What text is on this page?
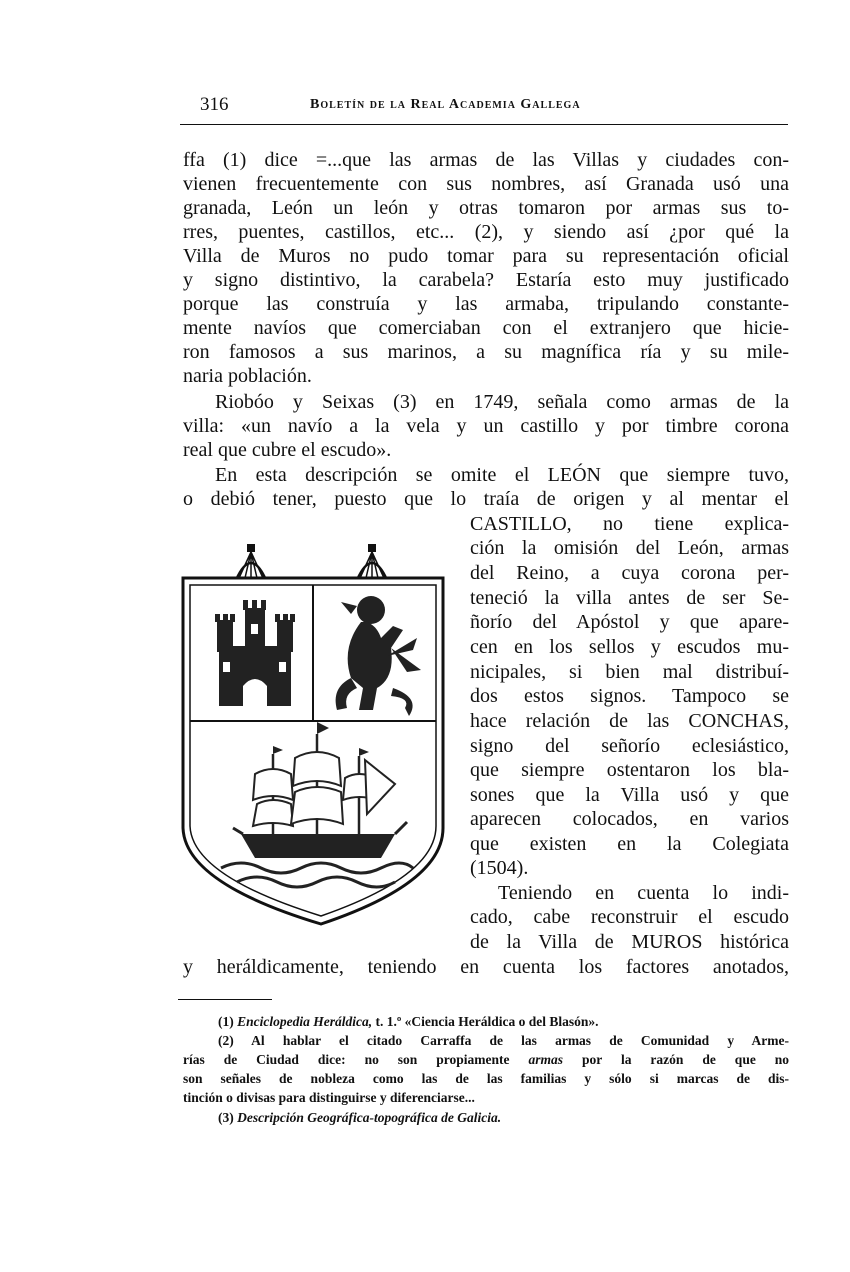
316	Boletín de la Real Academia Gallega
ffa (1) dice =...que las armas de las Villas y ciudades con-
vienen frecuentemente con sus nombres, así Granada usó una
granada, León un león y otras tomaron por armas sus to-
rres, puentes, castillos, etc... (2), y siendo así ¿por qué la
Villa de Muros no pudo tomar para su representación oficial
y signo distintivo, la carabela? Estaría esto muy justificado
porque las construía y las armaba, tripulando constante-
mente navíos que comerciaban con el extranjero que hicie-
ron famosos a sus marinos, a su magnífica ría y su mile-
naria población.
Riobóo y Seixas (3) en 1749, señala como armas de la
villa: «un navío a la vela y un castillo y por timbre corona
real que cubre el escudo».
En esta descripción se omite el LEÓN que siempre tuvo,
o debió tener, puesto que lo traía de origen y al mentar el
CASTILLO, no tiene explica-
ción la omisión del León, armas
del Reino, a cuya corona per-
teneció la villa antes de ser Se-
ñorío del Apóstol y que apare-
cen en los sellos y escudos mu-
nicipales, si bien mal distribuí-
dos estos signos. Tampoco se
hace relación de las CONCHAS,
signo del señorío eclesiástico,
que siempre ostentaron los bla-
sones que la Villa usó y que
aparecen colocados, en varios
que existen en la Colegiata
(1504).
Teniendo en cuenta lo indi-
cado, cabe reconstruir el escudo
de la Villa de MUROS histórica
y heráldicamente, teniendo en cuenta los factores anotados,
(1) Enciclopedia Heráldica, t. 1.º «Ciencia Heráldica o del Blasón».
(2) Al hablar el citado Carraffa de las armas de Comunidad y Arme-
rías de Ciudad dice: no son propiamente armas por la razón de que no
son señales de nobleza como las de las familias y sólo si marcas de dis-
tinción o divisas para distinguirse y diferenciarse...
(3) Descripción Geográfica-topográfica de Galicia.
